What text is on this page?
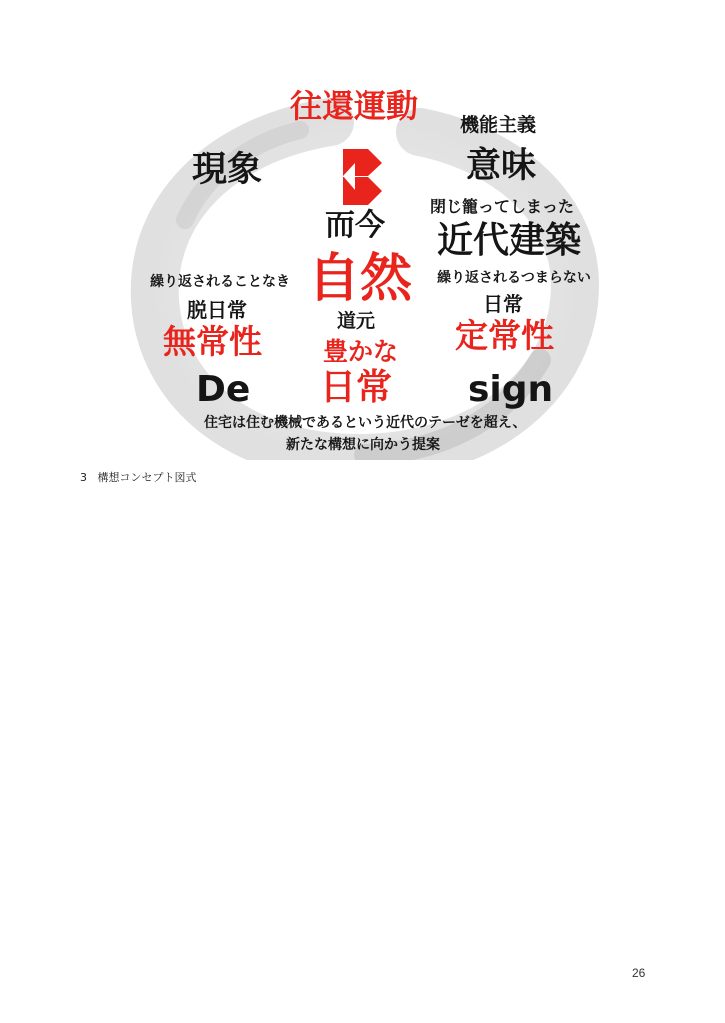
往還運動 機能主義
現象	意味
而今
閉じ籠ってしまった
近代建築
自然
繰り返されることなき	繰り返されるつまらない
脱日常	日常
道元
無常性 豊かな 定常性
De 日常 sign
住宅は住む機械であるという近代のテーゼを超え、
新たな構想に向かう提案
3 構想コンセプト図式
26
